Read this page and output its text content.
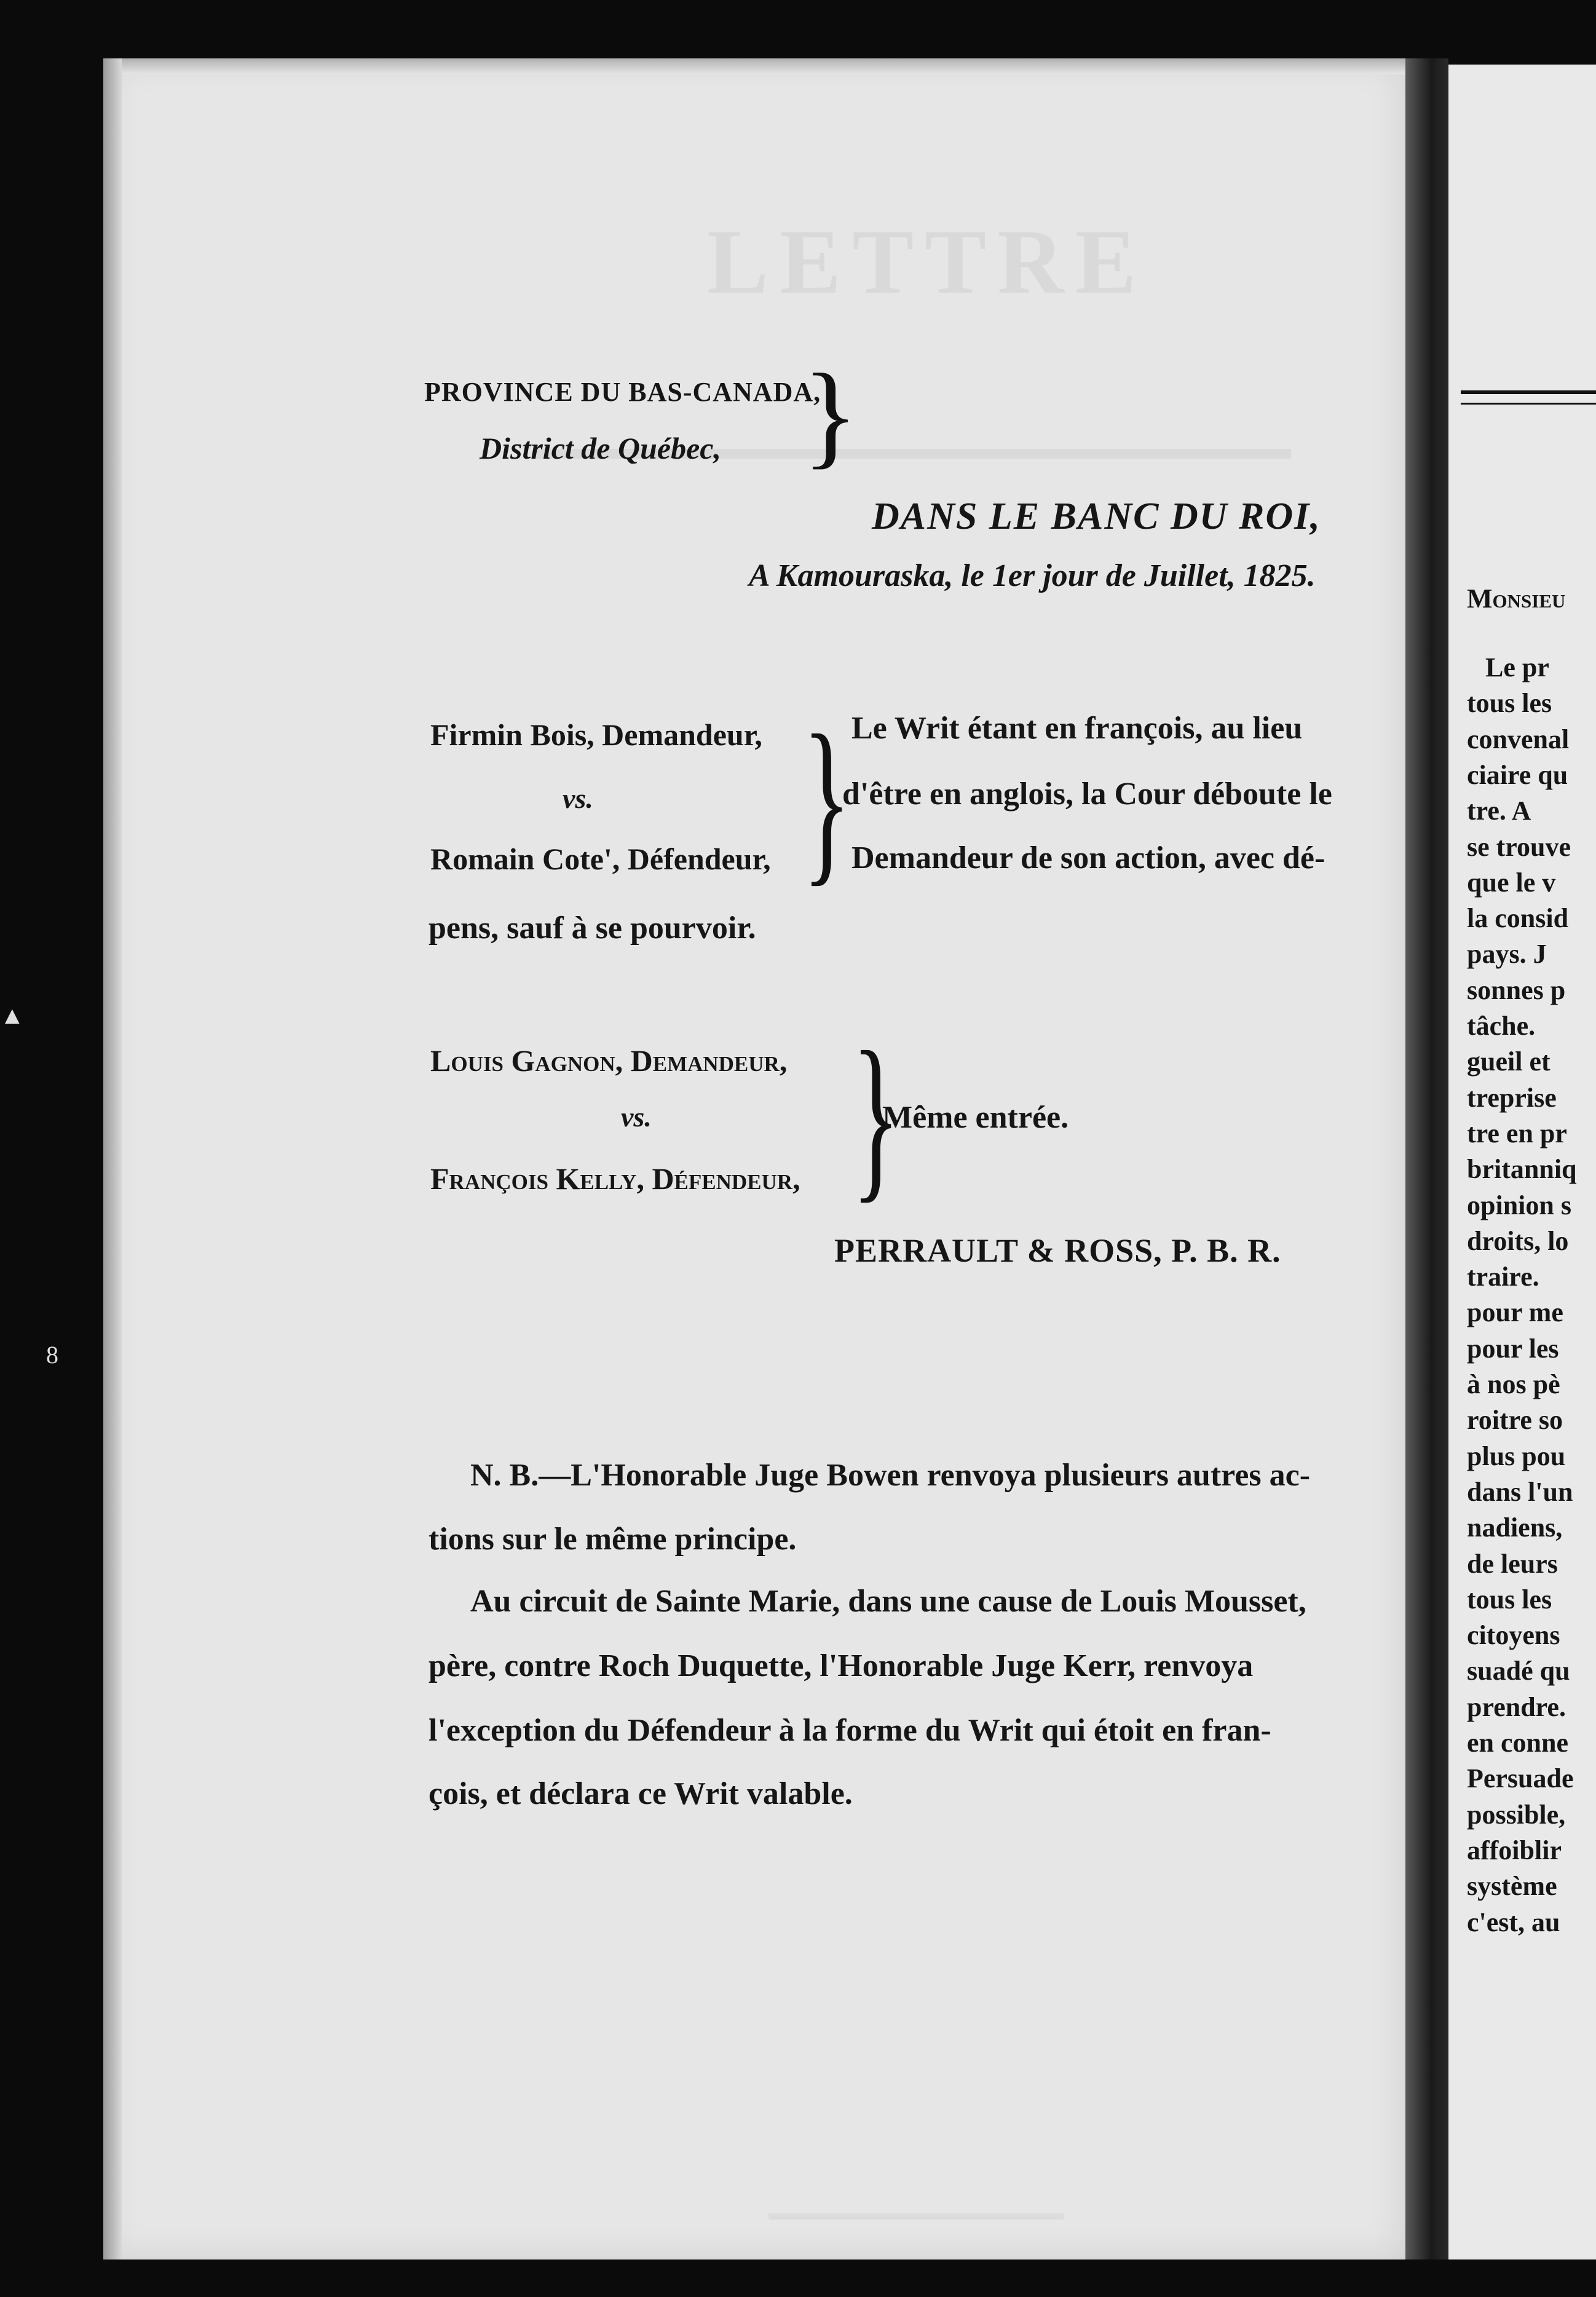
LETTRE
PROVINCE DU BAS-CANADA,
District de Québec, }
DANS LE BANC DU ROI,
A Kamouraska, le 1er jour de Juillet, 1825.
Firmin Bois, Demandeur,
vs.
Romain Cote', Défendeur, } Le Writ étant en françois, au lieu
d'être en anglois, la Cour déboute le
Demandeur de son action, avec dé-
pens, sauf à se pourvoir.
Louis Gagnon, Demandeur,
vs.
François Kelly, Défendeur, }
Même entrée.
PERRAULT & ROSS, P. B. R.
N. B.—L'Honorable Juge Bowen renvoya plusieurs autres ac-
tions sur le même principe.
Au circuit de Sainte Marie, dans une cause de Louis Mousset,
père, contre Roch Duquette, l'Honorable Juge Kerr, renvoya
l'exception du Défendeur à la forme du Writ qui étoit en fran-
çois, et déclara ce Writ valable.
Monsieu
Le pr
tous les
convenal
ciaire qu
tre. A
se trouve
que le v
la consid
pays. J
sonnes p
tâche.
gueil et
treprise
tre en pr
britanniq
opinion s
droits, lo
traire.
pour me
pour les
à nos pè
roitre so
plus pou
dans l'un
nadiens,
de leurs
tous les
citoyens
suadé qu
prendre.
en conne
Persuade
possible,
affoiblir
système
c'est, au
▲
8
